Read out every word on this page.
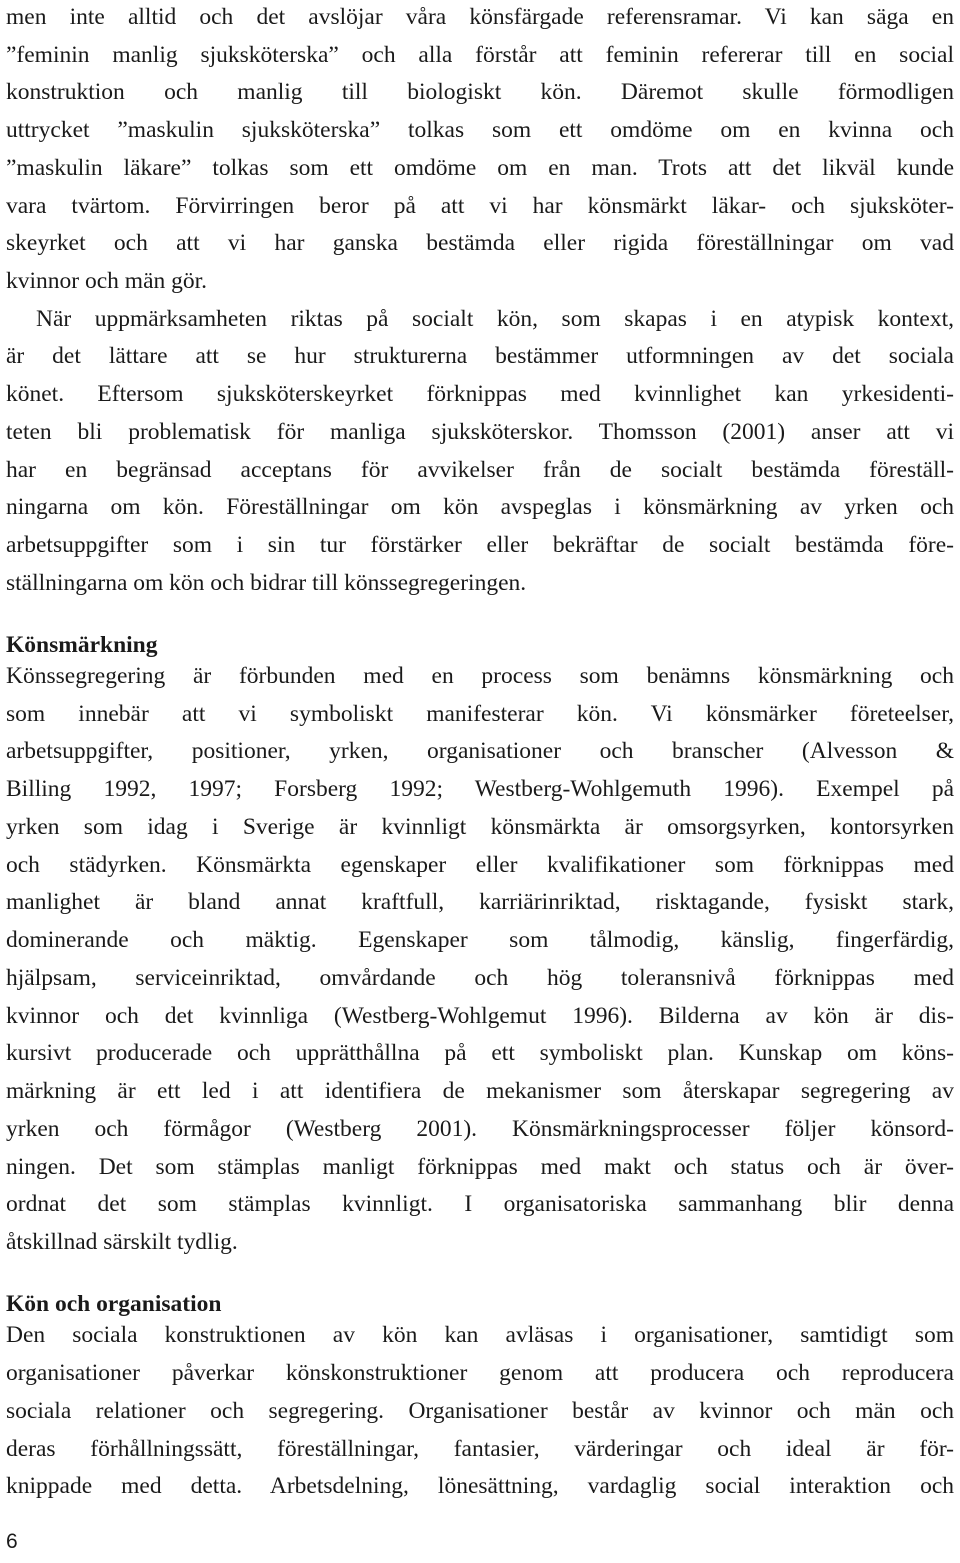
men inte alltid och det avslöjar våra könsfärgade referensramar. Vi kan säga en
”feminin manlig sjuksköterska” och alla förstår att feminin refererar till en social
konstruktion och manlig till biologiskt kön. Däremot skulle förmodligen
uttrycket ”maskulin sjuksköterska” tolkas som ett omdöme om en kvinna och
”maskulin läkare” tolkas som ett omdöme om en man. Trots att det likväl kunde
vara tvärtom. Förvirringen beror på att vi har könsmärkt läkar- och sjuksköter-
skeyrket och att vi har ganska bestämda eller rigida föreställningar om vad
kvinnor och män gör.
När uppmärksamheten riktas på socialt kön, som skapas i en atypisk kontext,
är det lättare att se hur strukturerna bestämmer utformningen av det sociala
könet. Eftersom sjuksköterskeyrket förknippas med kvinnlighet kan yrkesidenti-
teten bli problematisk för manliga sjuksköterskor. Thomsson (2001) anser att vi
har en begränsad acceptans för avvikelser från de socialt bestämda föreställ-
ningarna om kön. Föreställningar om kön avspeglas i könsmärkning av yrken och
arbetsuppgifter som i sin tur förstärker eller bekräftar de socialt bestämda före-
ställningarna om kön och bidrar till könssegregeringen.
Könsmärkning
Könssegregering är förbunden med en process som benämns könsmärkning och
som innebär att vi symboliskt manifesterar kön. Vi könsmärker företeelser,
arbetsuppgifter, positioner, yrken, organisationer och branscher (Alvesson &
Billing 1992, 1997; Forsberg 1992; Westberg-Wohlgemuth 1996). Exempel på
yrken som idag i Sverige är kvinnligt könsmärkta är omsorgsyrken, kontorsyrken
och städyrken. Könsmärkta egenskaper eller kvalifikationer som förknippas med
manlighet är bland annat kraftfull, karriärinriktad, risktagande, fysiskt stark,
dominerande och mäktig. Egenskaper som tålmodig, känslig, fingerfärdig,
hjälpsam, serviceinriktad, omvårdande och hög toleransnivå förknippas med
kvinnor och det kvinnliga (Westberg-Wohlgemut 1996). Bilderna av kön är dis-
kursivt producerade och upprätthållna på ett symboliskt plan. Kunskap om köns-
märkning är ett led i att identifiera de mekanismer som återskapar segregering av
yrken och förmågor (Westberg 2001). Könsmärkningsprocesser följer könsord-
ningen. Det som stämplas manligt förknippas med makt och status och är över-
ordnat det som stämplas kvinnligt. I organisatoriska sammanhang blir denna
åtskillnad särskilt tydlig.
Kön och organisation
Den sociala konstruktionen av kön kan avläsas i organisationer, samtidigt som
organisationer påverkar könskonstruktioner genom att producera och reproducera
sociala relationer och segregering. Organisationer består av kvinnor och män och
deras förhållningssätt, föreställningar, fantasier, värderingar och ideal är för-
knippade med detta. Arbetsdelning, lönesättning, vardaglig social interaktion och
6
